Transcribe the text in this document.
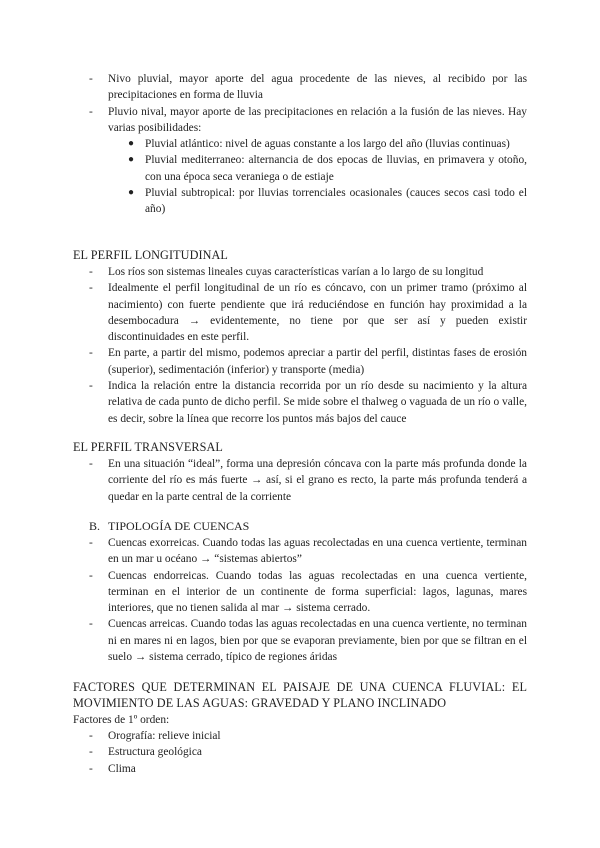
- Nivo pluvial, mayor aporte del agua procedente de las nieves, al recibido por las precipitaciones en forma de lluvia
- Pluvio nival, mayor aporte de las precipitaciones en relación a la fusión de las nieves. Hay varias posibilidades:
● Pluvial atlántico: nivel de aguas constante a los largo del año (lluvias continuas)
● Pluvial mediterraneo: alternancia de dos epocas de lluvias, en primavera y otoño, con una época seca veraniega o de estiaje
● Pluvial subtropical: por lluvias torrenciales ocasionales (cauces secos casi todo el año)
EL PERFIL LONGITUDINAL
- Los ríos son sistemas lineales cuyas características varían a lo largo de su longitud
- Idealmente el perfil longitudinal de un río es cóncavo, con un primer tramo (próximo al nacimiento) con fuerte pendiente que irá reduciéndose en función hay proximidad a la desembocadura → evidentemente, no tiene por que ser así y pueden existir discontinuidades en este perfil.
- En parte, a partir del mismo, podemos apreciar a partir del perfil, distintas fases de erosión (superior), sedimentación (inferior) y transporte (media)
- Indica la relación entre la distancia recorrida por un río desde su nacimiento y la altura relativa de cada punto de dicho perfil. Se mide sobre el thalweg o vaguada de un río o valle, es decir, sobre la línea que recorre los puntos más bajos del cauce
EL PERFIL TRANSVERSAL
- En una situación “ideal”, forma una depresión cóncava con la parte más profunda donde la corriente del río es más fuerte → así, si el grano es recto, la parte más profunda tenderá a quedar en la parte central de la corriente
B. TIPOLOGÍA DE CUENCAS
- Cuencas exorreicas. Cuando todas las aguas recolectadas en una cuenca vertiente, terminan en un mar u océano → “sistemas abiertos”
- Cuencas endorreicas. Cuando todas las aguas recolectadas en una cuenca vertiente, terminan en el interior de un continente de forma superficial: lagos, lagunas, mares interiores, que no tienen salida al mar → sistema cerrado.
- Cuencas arreicas. Cuando todas las aguas recolectadas en una cuenca vertiente, no terminan ni en mares ni en lagos, bien por que se evaporan previamente, bien por que se filtran en el suelo → sistema cerrado, típico de regiones áridas
FACTORES QUE DETERMINAN EL PAISAJE DE UNA CUENCA FLUVIAL: EL MOVIMIENTO DE LAS AGUAS: GRAVEDAD Y PLANO INCLINADO
Factores de 1º orden:
- Orografía: relieve inicial
- Estructura geológica
- Clima
